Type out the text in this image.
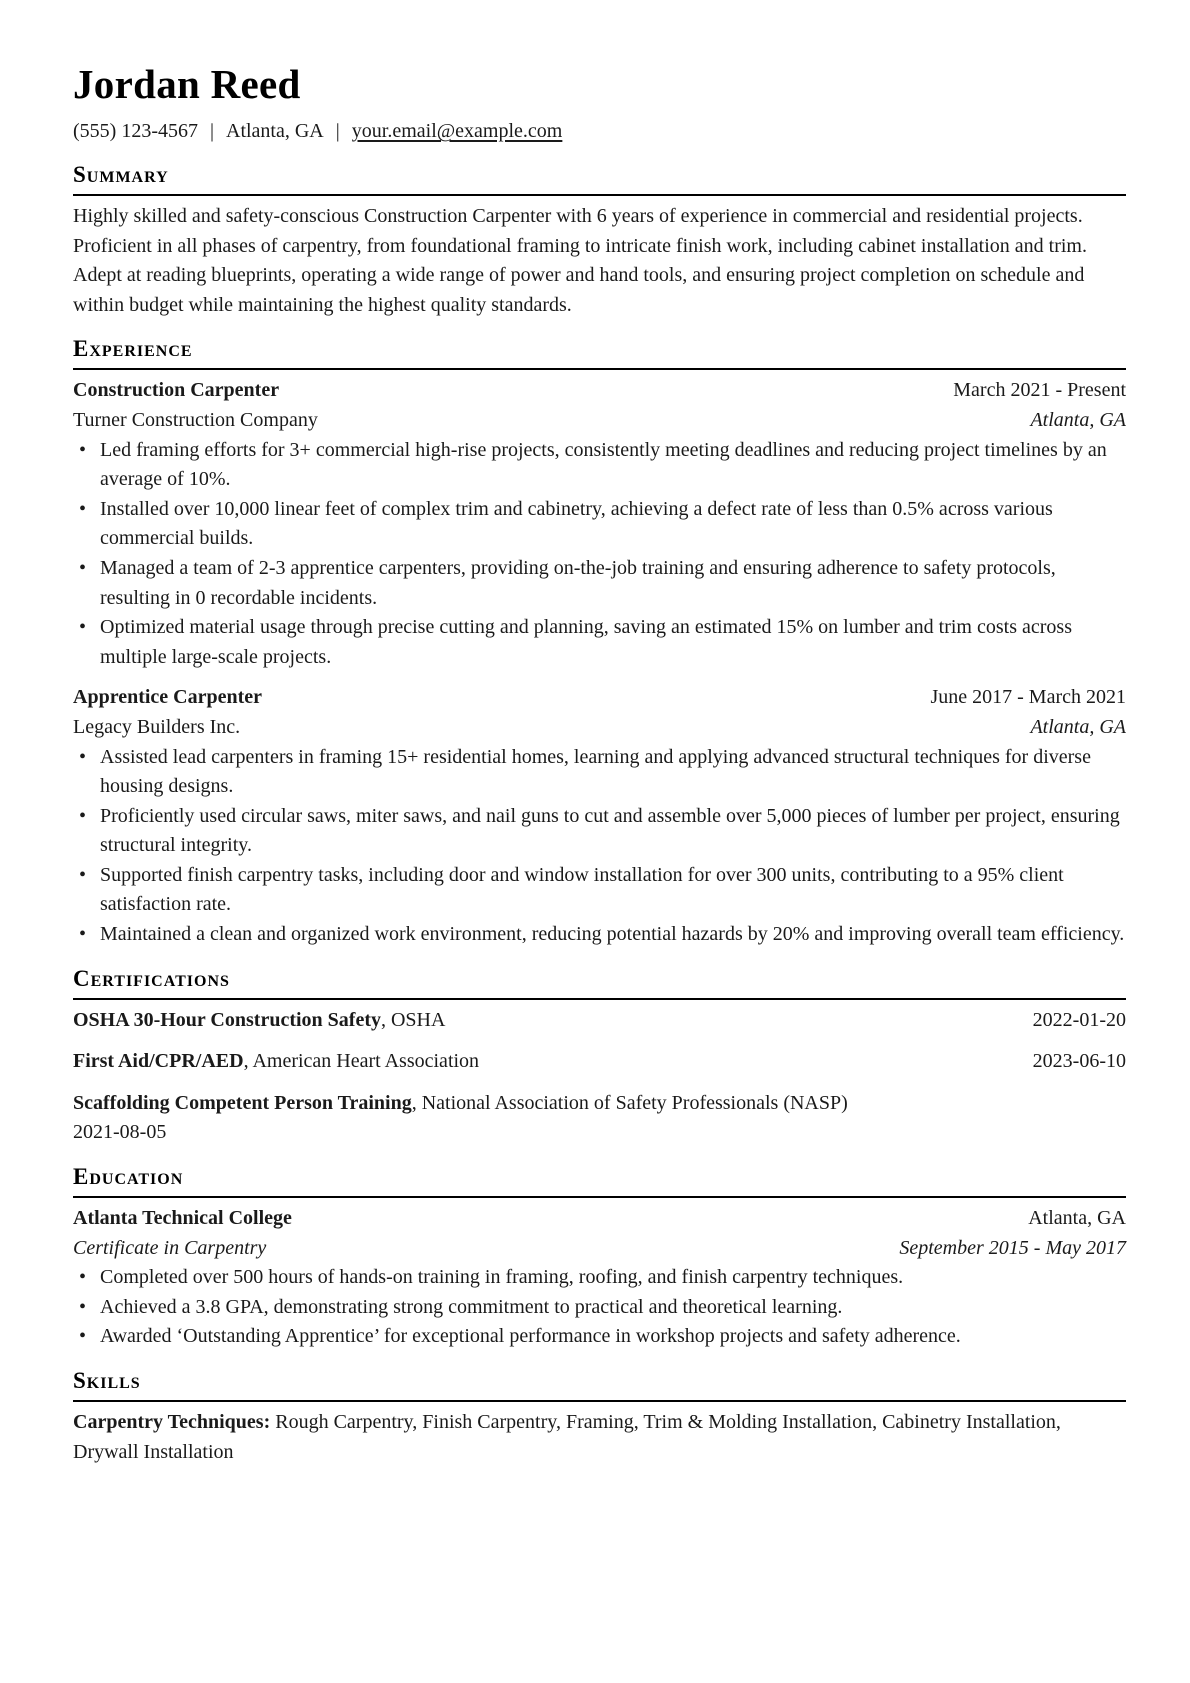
Jordan Reed
(555) 123-4567 | Atlanta, GA | your.email@example.com
Summary
Highly skilled and safety-conscious Construction Carpenter with 6 years of experience in commercial and residential projects. Proficient in all phases of carpentry, from foundational framing to intricate finish work, including cabinet installation and trim. Adept at reading blueprints, operating a wide range of power and hand tools, and ensuring project completion on schedule and within budget while maintaining the highest quality standards.
Experience
Construction Carpenter	March 2021 - Present
Turner Construction Company	Atlanta, GA
• Led framing efforts for 3+ commercial high-rise projects, consistently meeting deadlines and reducing project timelines by an average of 10%.
• Installed over 10,000 linear feet of complex trim and cabinetry, achieving a defect rate of less than 0.5% across various commercial builds.
• Managed a team of 2-3 apprentice carpenters, providing on-the-job training and ensuring adherence to safety protocols, resulting in 0 recordable incidents.
• Optimized material usage through precise cutting and planning, saving an estimated 15% on lumber and trim costs across multiple large-scale projects.
Apprentice Carpenter	June 2017 - March 2021
Legacy Builders Inc.	Atlanta, GA
• Assisted lead carpenters in framing 15+ residential homes, learning and applying advanced structural techniques for diverse housing designs.
• Proficiently used circular saws, miter saws, and nail guns to cut and assemble over 5,000 pieces of lumber per project, ensuring structural integrity.
• Supported finish carpentry tasks, including door and window installation for over 300 units, contributing to a 95% client satisfaction rate.
• Maintained a clean and organized work environment, reducing potential hazards by 20% and improving overall team efficiency.
Certifications
OSHA 30-Hour Construction Safety, OSHA	2022-01-20
First Aid/CPR/AED, American Heart Association	2023-06-10
Scaffolding Competent Person Training, National Association of Safety Professionals (NASP)
2021-08-05
Education
Atlanta Technical College	Atlanta, GA
Certificate in Carpentry	September 2015 - May 2017
• Completed over 500 hours of hands-on training in framing, roofing, and finish carpentry techniques.
• Achieved a 3.8 GPA, demonstrating strong commitment to practical and theoretical learning.
• Awarded ‘Outstanding Apprentice’ for exceptional performance in workshop projects and safety adherence.
Skills
Carpentry Techniques: Rough Carpentry, Finish Carpentry, Framing, Trim & Molding Installation, Cabinetry Installation, Drywall Installation
